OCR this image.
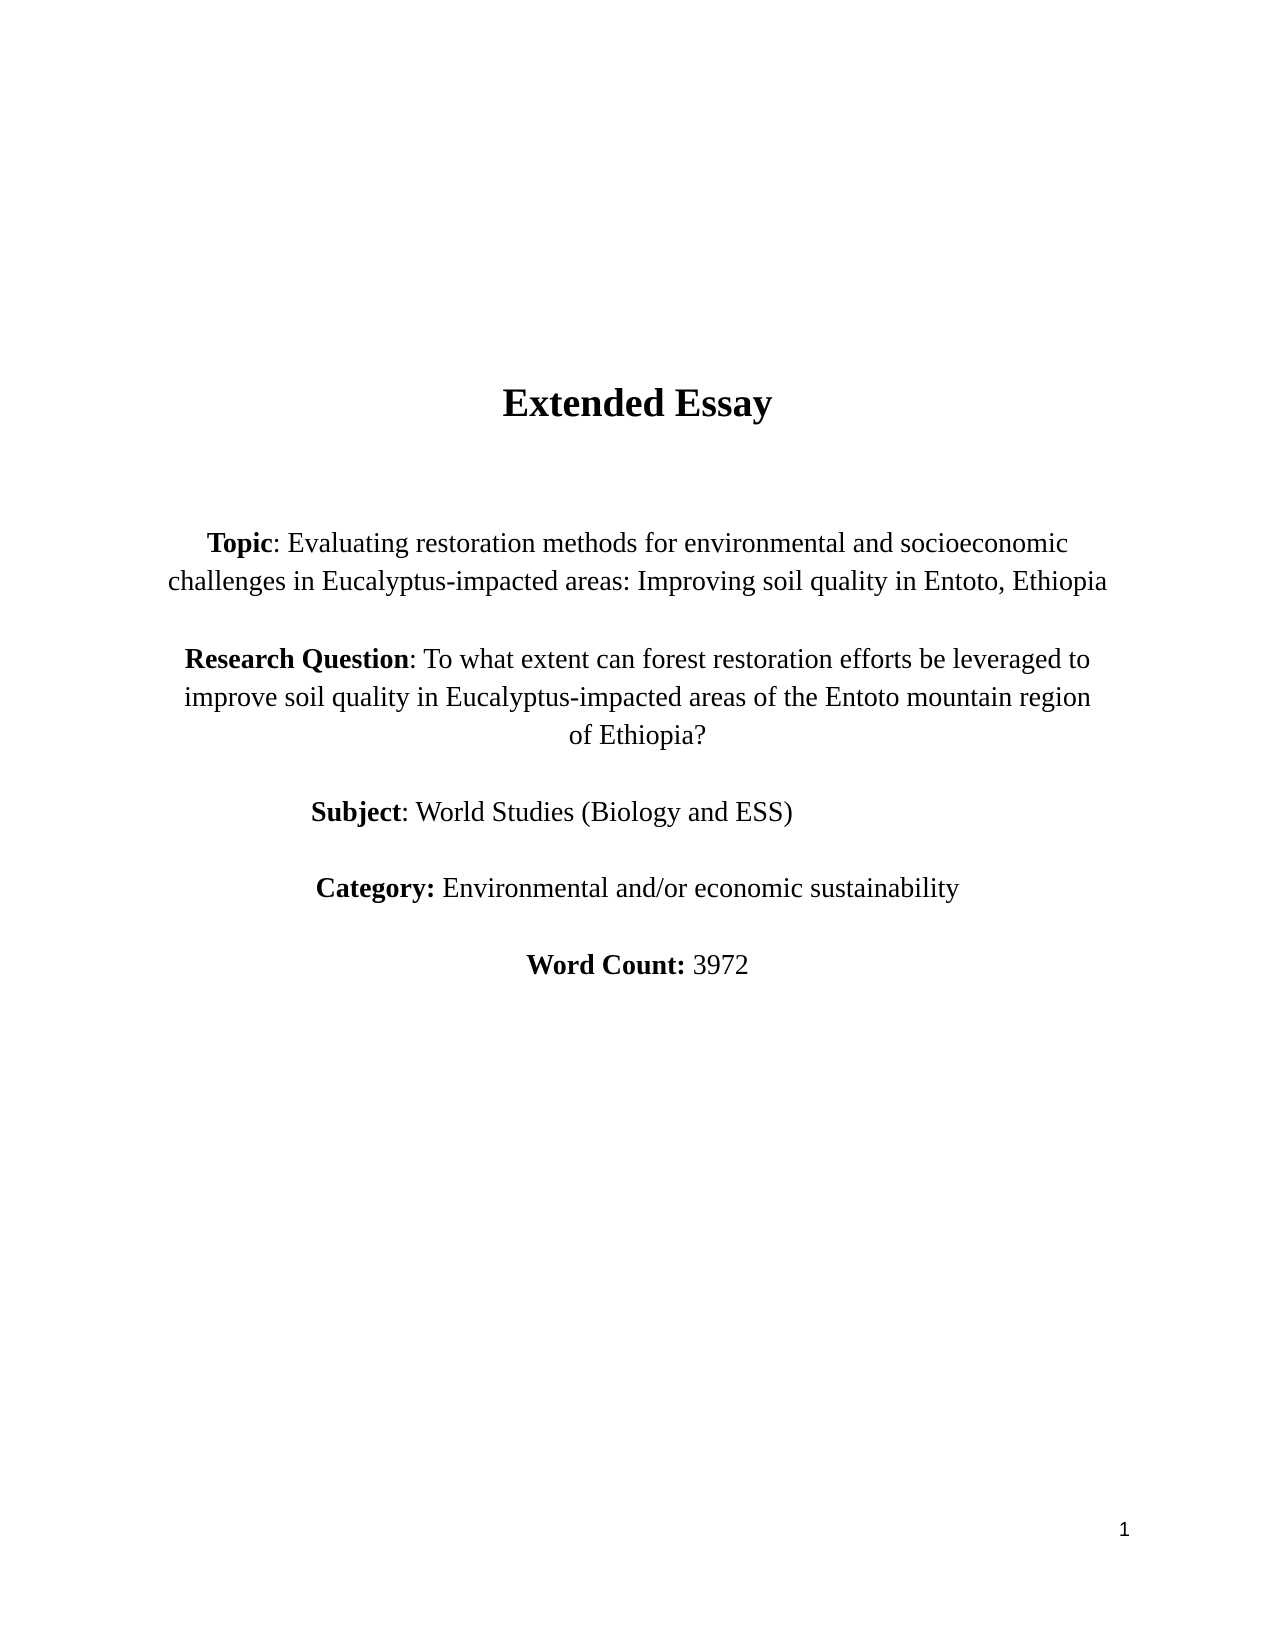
Extended Essay

Topic: Evaluating restoration methods for environmental and socioeconomic
challenges in Eucalyptus-impacted areas: Improving soil quality in Entoto, Ethiopia

Research Question: To what extent can forest restoration efforts be leveraged to
improve soil quality in Eucalyptus-impacted areas of the Entoto mountain region
of Ethiopia?

Subject: World Studies (Biology and ESS)

Category: Environmental and/or economic sustainability

Word Count: 3972

1
